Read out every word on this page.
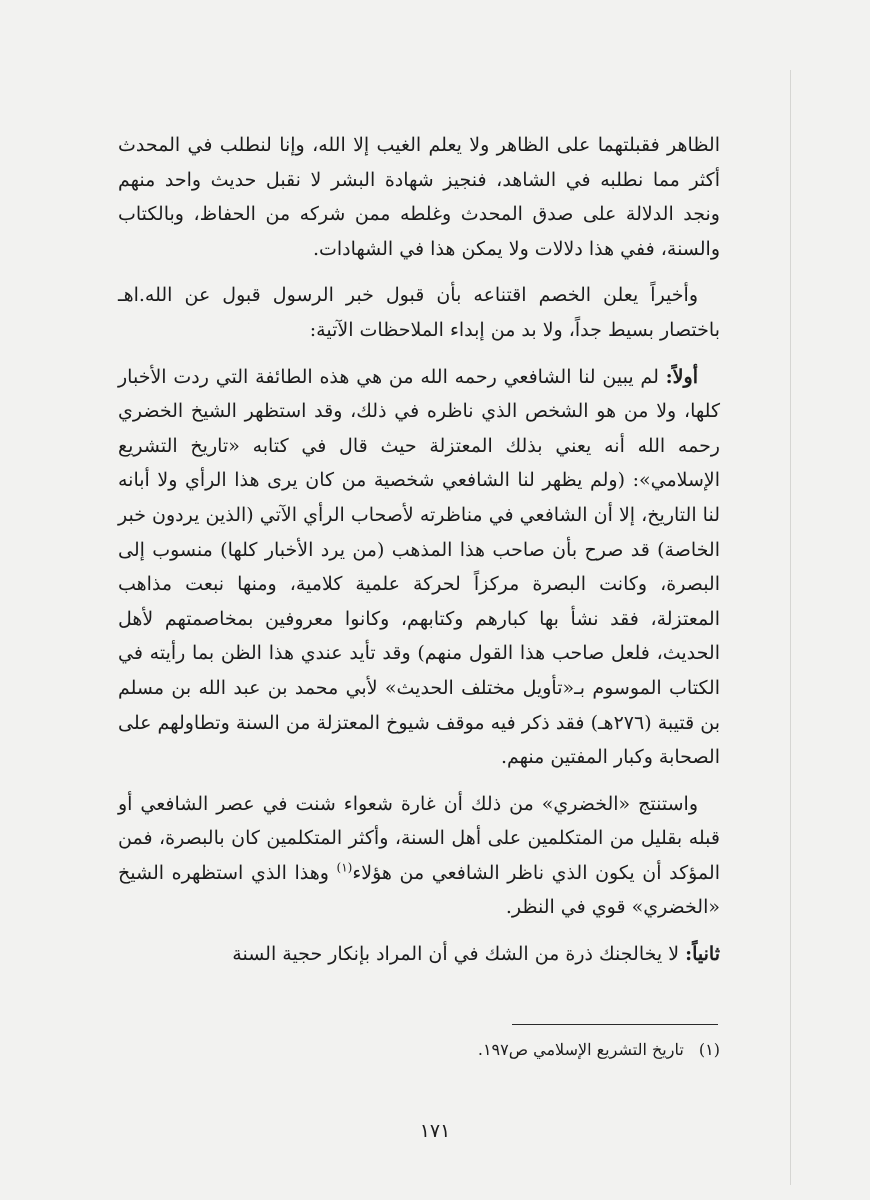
الظاهر فقبلتهما على الظاهر ولا يعلم الغيب إلا الله، وإنا لنطلب في المحدث أكثر مما نطلبه في الشاهد، فنجيز شهادة البشر لا نقبل حديث واحد منهم ونجد الدلالة على صدق المحدث وغلطه ممن شركه من الحفاظ، وبالكتاب والسنة، ففي هذا دلالات ولا يمكن هذا في الشهادات.

وأخيراً يعلن الخصم اقتناعه بأن قبول خبر الرسول قبول عن الله.اهـ باختصار بسيط جداً، ولا بد من إبداء الملاحظات الآتية:

أولاً: لم يبين لنا الشافعي رحمه الله من هي هذه الطائفة التي ردت الأخبار كلها، ولا من هو الشخص الذي ناظره في ذلك، وقد استظهر الشيخ الخضري رحمه الله أنه يعني بذلك المعتزلة حيث قال في كتابه «تاريخ التشريع الإسلامي»: (ولم يظهر لنا الشافعي شخصية من كان يرى هذا الرأي ولا أبانه لنا التاريخ، إلا أن الشافعي في مناظرته لأصحاب الرأي الآتي (الذين يردون خبر الخاصة) قد صرح بأن صاحب هذا المذهب (من يرد الأخبار كلها) منسوب إلى البصرة، وكانت البصرة مركزاً لحركة علمية كلامية، ومنها نبعت مذاهب المعتزلة، فقد نشأ بها كبارهم وكتابهم، وكانوا معروفين بمخاصمتهم لأهل الحديث، فلعل صاحب هذا القول منهم) وقد تأيد عندي هذا الظن بما رأيته في الكتاب الموسوم بـ«تأويل مختلف الحديث» لأبي محمد بن عبد الله بن مسلم بن قتيبة (٢٧٦هـ) فقد ذكر فيه موقف شيوخ المعتزلة من السنة وتطاولهم على الصحابة وكبار المفتين منهم.

واستنتج «الخضري» من ذلك أن غارة شعواء شنت في عصر الشافعي أو قبله بقليل من المتكلمين على أهل السنة، وأكثر المتكلمين كان بالبصرة، فمن المؤكد أن يكون الذي ناظر الشافعي من هؤلاء$^{(١)}$ وهذا الذي استظهره الشيخ «الخضري» قوي في النظر.

ثانياً: لا يخالجنك ذرة من الشك في أن المراد بإنكار حجية السنة

(١) تاريخ التشريع الإسلامي ص١٩٧.
١٧١
